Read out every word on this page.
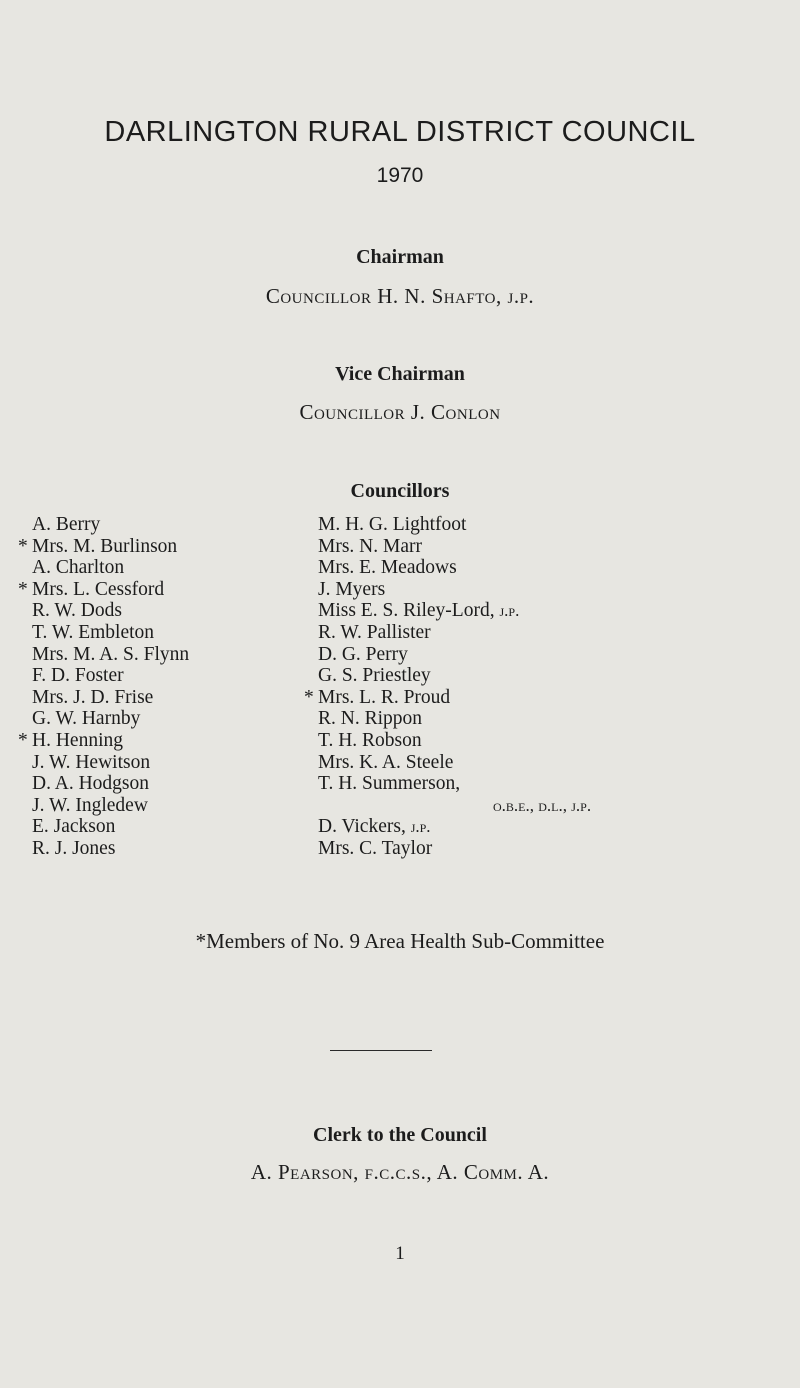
DARLINGTON RURAL DISTRICT COUNCIL
1970
Chairman
Councillor H. N. Shafto, j.p.
Vice Chairman
Councillor J. Conlon
Councillors
A. Berry
* Mrs. M. Burlinson
A. Charlton
* Mrs. L. Cessford
R. W. Dods
T. W. Embleton
Mrs. M. A. S. Flynn
F. D. Foster
Mrs. J. D. Frise
G. W. Harnby
* H. Henning
J. W. Hewitson
D. A. Hodgson
J. W. Ingledew
E. Jackson
R. J. Jones
M. H. G. Lightfoot
Mrs. N. Marr
Mrs. E. Meadows
J. Myers
Miss E. S. Riley-Lord, j.p.
R. W. Pallister
D. G. Perry
G. S. Priestley
* Mrs. L. R. Proud
R. N. Rippon
T. H. Robson
Mrs. K. A. Steele
T. H. Summerson,
o.b.e., d.l., j.p.
D. Vickers, j.p.
Mrs. C. Taylor
*Members of No. 9 Area Health Sub-Committee
Clerk to the Council
A. Pearson, f.c.c.s., A. Comm. A.
1
